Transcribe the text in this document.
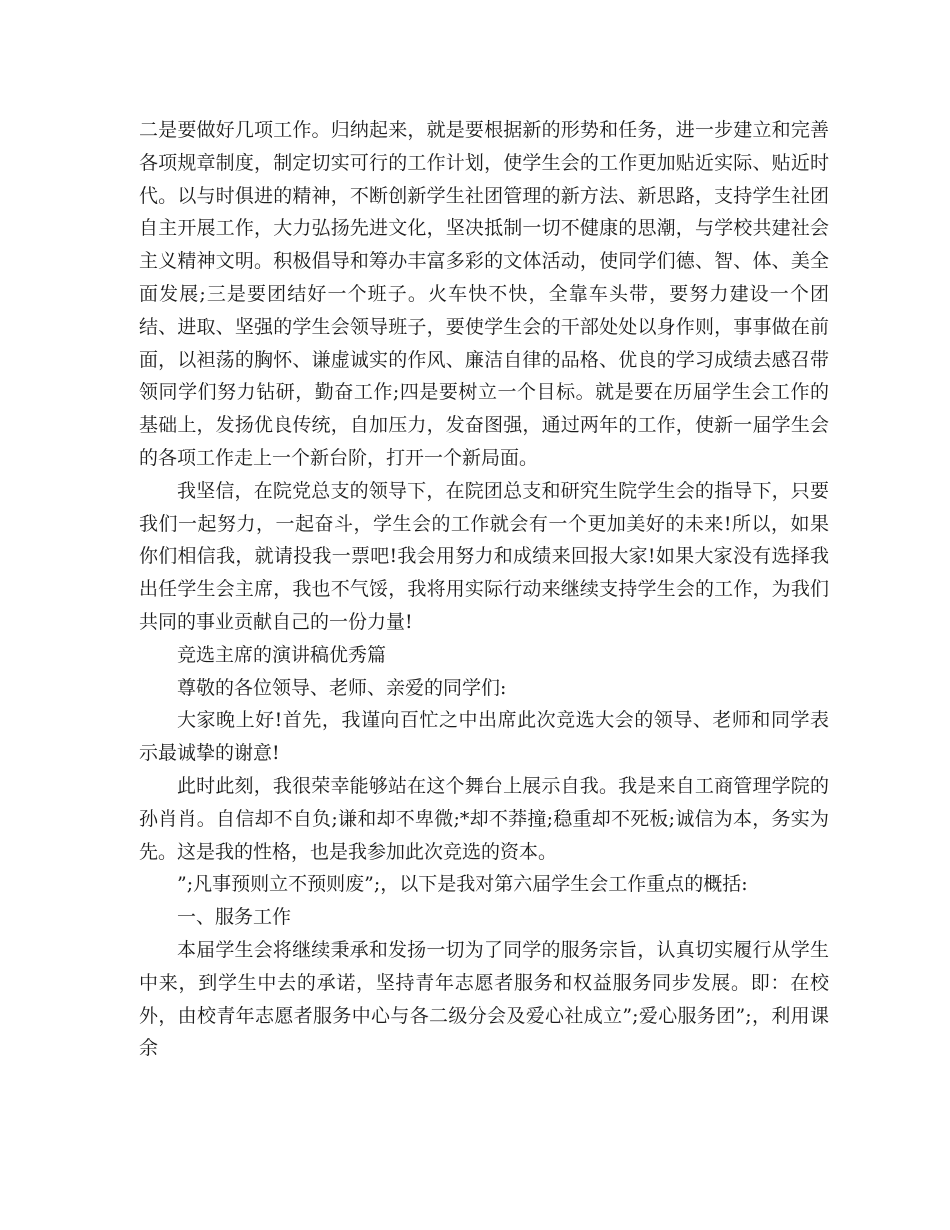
二是要做好几项工作。归纳起来，就是要根据新的形势和任务，进一步建立和完善各项规章制度，制定切实可行的工作计划，使学生会的工作更加贴近实际、贴近时代。以与时俱进的精神，不断创新学生社团管理的新方法、新思路，支持学生社团自主开展工作，大力弘扬先进文化，坚决抵制一切不健康的思潮，与学校共建社会主义精神文明。积极倡导和筹办丰富多彩的文体活动，使同学们德、智、体、美全面发展;三是要团结好一个班子。火车快不快，全靠车头带，要努力建设一个团结、进取、坚强的学生会领导班子，要使学生会的干部处处以身作则，事事做在前面，以袒荡的胸怀、谦虚诚实的作风、廉洁自律的品格、优良的学习成绩去感召带领同学们努力钻研，勤奋工作;四是要树立一个目标。就是要在历届学生会工作的基础上，发扬优良传统，自加压力，发奋图强，通过两年的工作，使新一届学生会的各项工作走上一个新台阶，打开一个新局面。

我坚信，在院党总支的领导下，在院团总支和研究生院学生会的指导下，只要我们一起努力，一起奋斗，学生会的工作就会有一个更加美好的未来!所以，如果你们相信我，就请投我一票吧!我会用努力和成绩来回报大家!如果大家没有选择我出任学生会主席，我也不气馁，我将用实际行动来继续支持学生会的工作，为我们共同的事业贡献自己的一份力量!

竞选主席的演讲稿优秀篇

尊敬的各位领导、老师、亲爱的同学们:

大家晚上好!首先，我谨向百忙之中出席此次竞选大会的领导、老师和同学表示最诚挚的谢意!

此时此刻，我很荣幸能够站在这个舞台上展示自我。我是来自工商管理学院的孙肖肖。自信却不自负;谦和却不卑微;*却不莽撞;稳重却不死板;诚信为本，务实为先。这是我的性格，也是我参加此次竞选的资本。

”;凡事预则立不预则废”;，以下是我对第六届学生会工作重点的概括:

一、服务工作

本届学生会将继续秉承和发扬一切为了同学的服务宗旨，认真切实履行从学生中来，到学生中去的承诺，坚持青年志愿者服务和权益服务同步发展。即：在校外，由校青年志愿者服务中心与各二级分会及爱心社成立”;爱心服务团”;，利用课余
